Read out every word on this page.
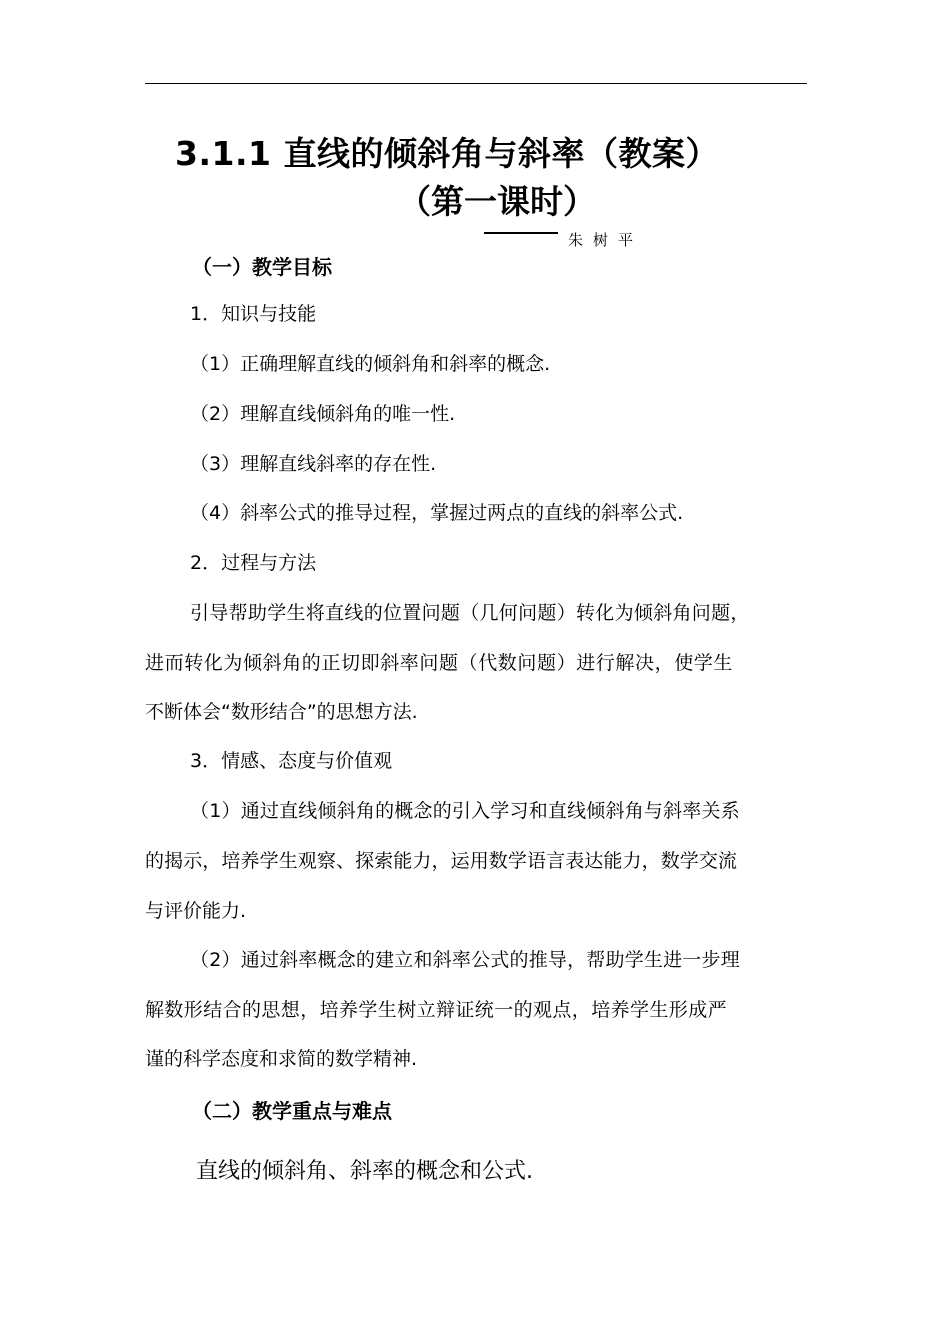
3.1.1 直线的倾斜角与斜率（教案）
（第一课时）
朱树平
（一）教学目标
1．知识与技能
（1）正确理解直线的倾斜角和斜率的概念.
（2）理解直线倾斜角的唯一性.
（3）理解直线斜率的存在性.
（4）斜率公式的推导过程，掌握过两点的直线的斜率公式.
2．过程与方法
引导帮助学生将直线的位置问题（几何问题）转化为倾斜角问题，
进而转化为倾斜角的正切即斜率问题（代数问题）进行解决，使学生
不断体会“数形结合”的思想方法.
3．情感、态度与价值观
（1）通过直线倾斜角的概念的引入学习和直线倾斜角与斜率关系
的揭示，培养学生观察、探索能力，运用数学语言表达能力，数学交流
与评价能力.
（2）通过斜率概念的建立和斜率公式的推导，帮助学生进一步理
解数形结合的思想，培养学生树立辩证统一的观点，培养学生形成严
谨的科学态度和求简的数学精神.
（二）教学重点与难点
直线的倾斜角、斜率的概念和公式.
